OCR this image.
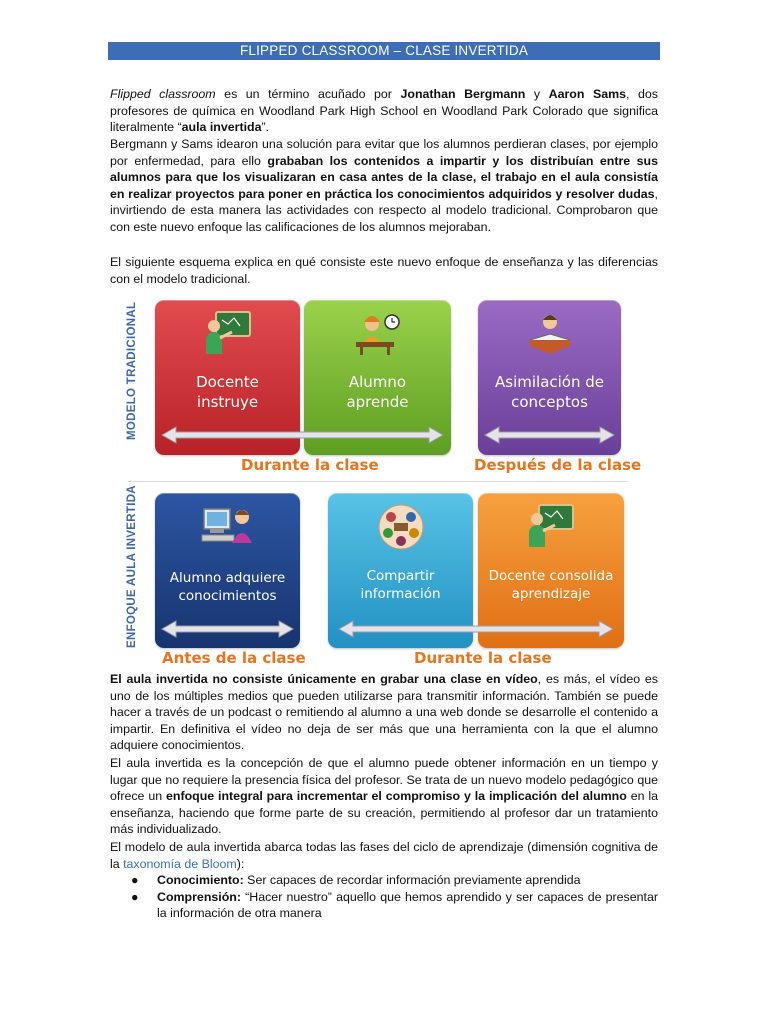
FLIPPED CLASSROOM – CLASE INVERTIDA
Flipped classroom es un término acuñado por Jonathan Bergmann y Aaron Sams, dos profesores de química en Woodland Park High School en Woodland Park Colorado que significa literalmente “aula invertida”.
Bergmann y Sams idearon una solución para evitar que los alumnos perdieran clases, por ejemplo por enfermedad, para ello grababan los contenidos a impartir y los distribuían entre sus alumnos para que los visualizaran en casa antes de la clase, el trabajo en el aula consistía en realizar proyectos para poner en práctica los conocimientos adquiridos y resolver dudas, invirtiendo de esta manera las actividades con respecto al modelo tradicional. Comprobaron que con este nuevo enfoque las calificaciones de los alumnos mejoraban.
El siguiente esquema explica en qué consiste este nuevo enfoque de enseñanza y las diferencias con el modelo tradicional.
MODELO TRADICIONAL
ENFOQUE AULA INVERTIDA
Docente
instruye
Alumno
aprende
Asimilación de
conceptos
Durante la clase	Después de la clase
Alumno adquiere
conocimientos
Compartir
información
Docente consolida
aprendizaje
Antes de la clase	Durante la clase
El aula invertida no consiste únicamente en grabar una clase en vídeo, es más, el vídeo es uno de los múltiples medios que pueden utilizarse para transmitir información. También se puede hacer a través de un podcast o remitiendo al alumno a una web donde se desarrolle el contenido a impartir. En definitiva el vídeo no deja de ser más que una herramienta con la que el alumno adquiere conocimientos.
El aula invertida es la concepción de que el alumno puede obtener información en un tiempo y lugar que no requiere la presencia física del profesor. Se trata de un nuevo modelo pedagógico que ofrece un enfoque integral para incrementar el compromiso y la implicación del alumno en la enseñanza, haciendo que forme parte de su creación, permitiendo al profesor dar un tratamiento más individualizado.
El modelo de aula invertida abarca todas las fases del ciclo de aprendizaje (dimensión cognitiva de la taxonomía de Bloom):
● Conocimiento: Ser capaces de recordar información previamente aprendida
● Comprensión: “Hacer nuestro” aquello que hemos aprendido y ser capaces de presentar la información de otra manera
